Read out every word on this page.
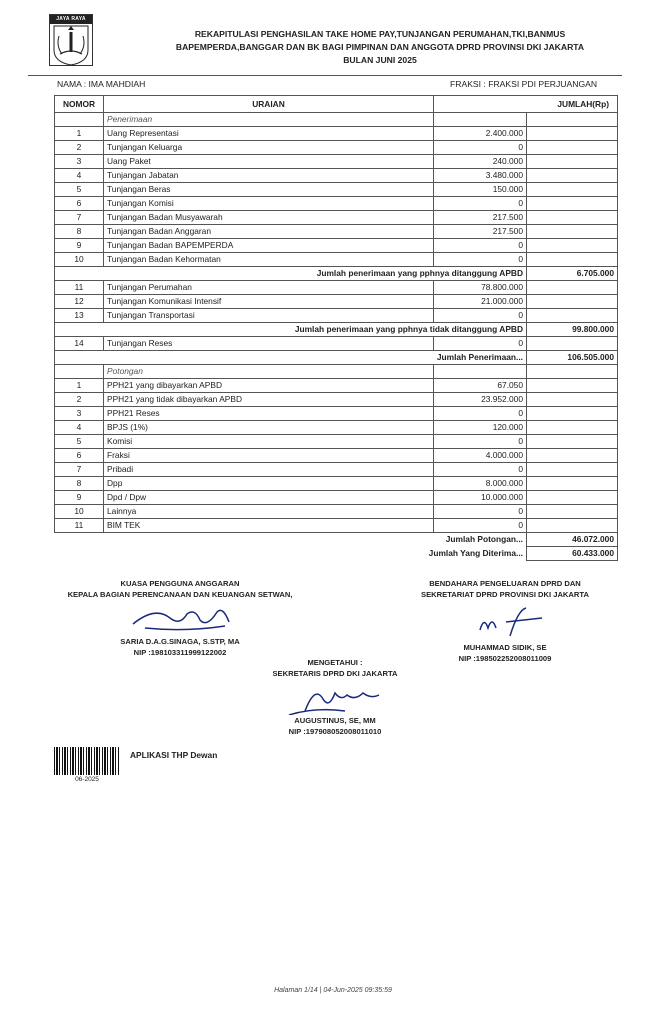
JAYA RAYA
REKAPITULASI PENGHASILAN TAKE HOME PAY,TUNJANGAN PERUMAHAN,TKI,BANMUS
BAPEMPERDA,BANGGAR DAN BK BAGI PIMPINAN DAN ANGGOTA DPRD PROVINSI DKI JAKARTA
BULAN JUNI 2025
NAMA : IMA MAHDIAH	FRAKSI : FRAKSI PDI PERJUANGAN
NOMOR	URAIAN	JUMLAH(Rp)	
	Penerimaan		
1	Uang Representasi	2.400.000	
2	Tunjangan Keluarga	0	
3	Uang Paket	240.000	
4	Tunjangan Jabatan	3.480.000	
5	Tunjangan Beras	150.000	
6	Tunjangan Komisi	0	
7	Tunjangan Badan Musyawarah	217.500	
8	Tunjangan Badan Anggaran	217.500	
9	Tunjangan Badan BAPEMPERDA	0	
10	Tunjangan Badan Kehormatan	0	
Jumlah penerimaan yang pphnya ditanggung APBD			6.705.000
11	Tunjangan Perumahan	78.800.000	
12	Tunjangan Komunikasi Intensif	21.000.000	
13	Tunjangan Transportasi	0	
Jumlah penerimaan yang pphnya tidak ditanggung APBD			99.800.000
14	Tunjangan Reses	0	
Jumlah Penerimaan...			106.505.000
	Potongan		
1	PPH21 yang dibayarkan APBD	67.050	
2	PPH21 yang tidak dibayarkan APBD	23.952.000	
3	PPH21 Reses	0	
4	BPJS (1%)	120.000	
5	Komisi	0	
6	Fraksi	4.000.000	
7	Pribadi	0	
8	Dpp	8.000.000	
9	Dpd / Dpw	10.000.000	
10	Lainnya	0	
11	BIM TEK	0	
Jumlah Potongan...			46.072.000
Jumlah Yang Diterima...			60.433.000
KUASA PENGGUNA ANGGARAN
KEPALA BAGIAN PERENCANAAN DAN KEUANGAN SETWAN,
SARIA D.A.G.SINAGA, S.STP, MA
NIP :198103311999122002
BENDAHARA PENGELUARAN DPRD DAN
SEKRETARIAT DPRD PROVINSI DKI JAKARTA
MUHAMMAD SIDIK, SE
NIP :198502252008011009
MENGETAHUI :
SEKRETARIS DPRD DKI JAKARTA
AUGUSTINUS, SE, MM
NIP :197908052008011010
06-2025
APLIKASI THP Dewan
Halaman 1/14 | 04-Jun-2025 09:35:59
